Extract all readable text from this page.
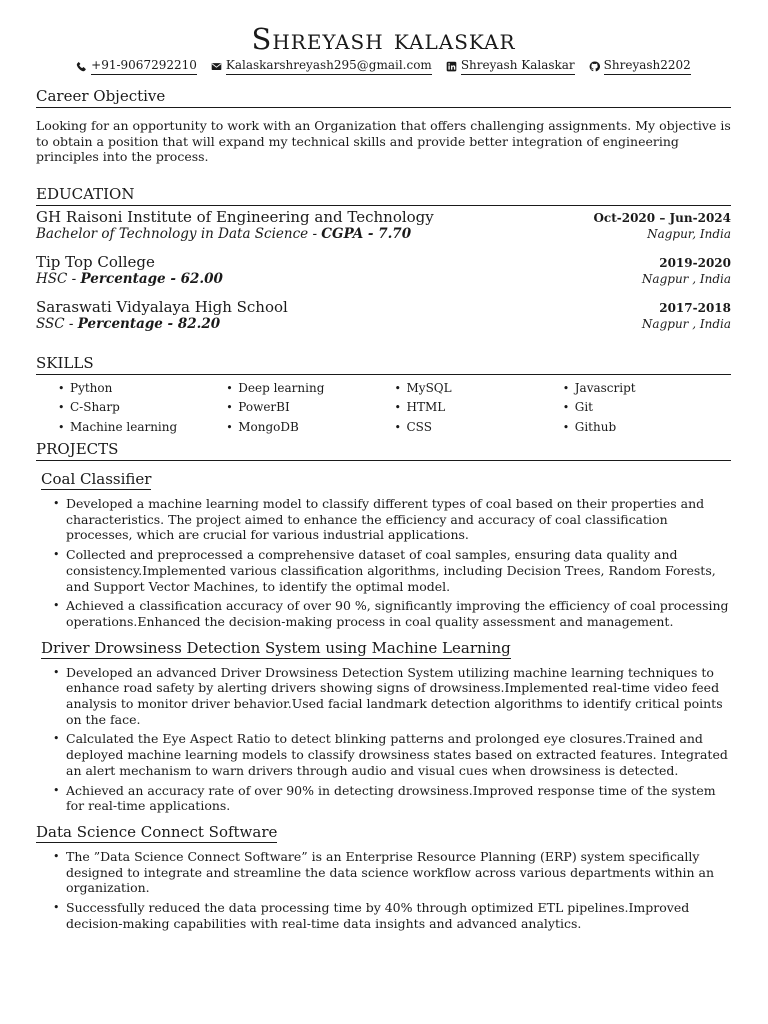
Shreyash kalaskar
+91-9067292210 Kalaskarshreyash295@gmail.com Shreyash Kalaskar Shreyash2202
Career Objective

Looking for an opportunity to work with an Organization that offers challenging assignments. My objective is to obtain a position that will expand my technical skills and provide better integration of engineering principles into the process.

EDUCATION
GH Raisoni Institute of Engineering and Technology	Oct-2020 – Jun-2024
Bachelor of Technology in Data Science - CGPA - 7.70	Nagpur, India
Tip Top College	2019-2020
HSC - Percentage - 62.00	Nagpur , India
Saraswati Vidyalaya High School	2017-2018
SSC - Percentage - 82.20	Nagpur , India
SKILLS
• Python	• Deep learning	• MySQL	• Javascript
• C-Sharp	• PowerBI	• HTML	• Git
• Machine learning	• MongoDB	• CSS	• Github
PROJECTS
Coal Classifier
• Developed a machine learning model to classify different types of coal based on their properties and characteristics. The project aimed to enhance the efficiency and accuracy of coal classification processes, which are crucial for various industrial applications.
• Collected and preprocessed a comprehensive dataset of coal samples, ensuring data quality and consistency.Implemented various classification algorithms, including Decision Trees, Random Forests, and Support Vector Machines, to identify the optimal model.
• Achieved a classification accuracy of over 90 %, significantly improving the efficiency of coal processing operations.Enhanced the decision-making process in coal quality assessment and management.
Driver Drowsiness Detection System using Machine Learning
• Developed an advanced Driver Drowsiness Detection System utilizing machine learning techniques to enhance road safety by alerting drivers showing signs of drowsiness.Implemented real-time video feed analysis to monitor driver behavior.Used facial landmark detection algorithms to identify critical points on the face.
• Calculated the Eye Aspect Ratio to detect blinking patterns and prolonged eye closures.Trained and deployed machine learning models to classify drowsiness states based on extracted features. Integrated an alert mechanism to warn drivers through audio and visual cues when drowsiness is detected.
• Achieved an accuracy rate of over 90% in detecting drowsiness.Improved response time of the system for real-time applications.
Data Science Connect Software
• The ”Data Science Connect Software” is an Enterprise Resource Planning (ERP) system specifically designed to integrate and streamline the data science workflow across various departments within an organization.
• Successfully reduced the data processing time by 40% through optimized ETL pipelines.Improved decision-making capabilities with real-time data insights and advanced analytics.
